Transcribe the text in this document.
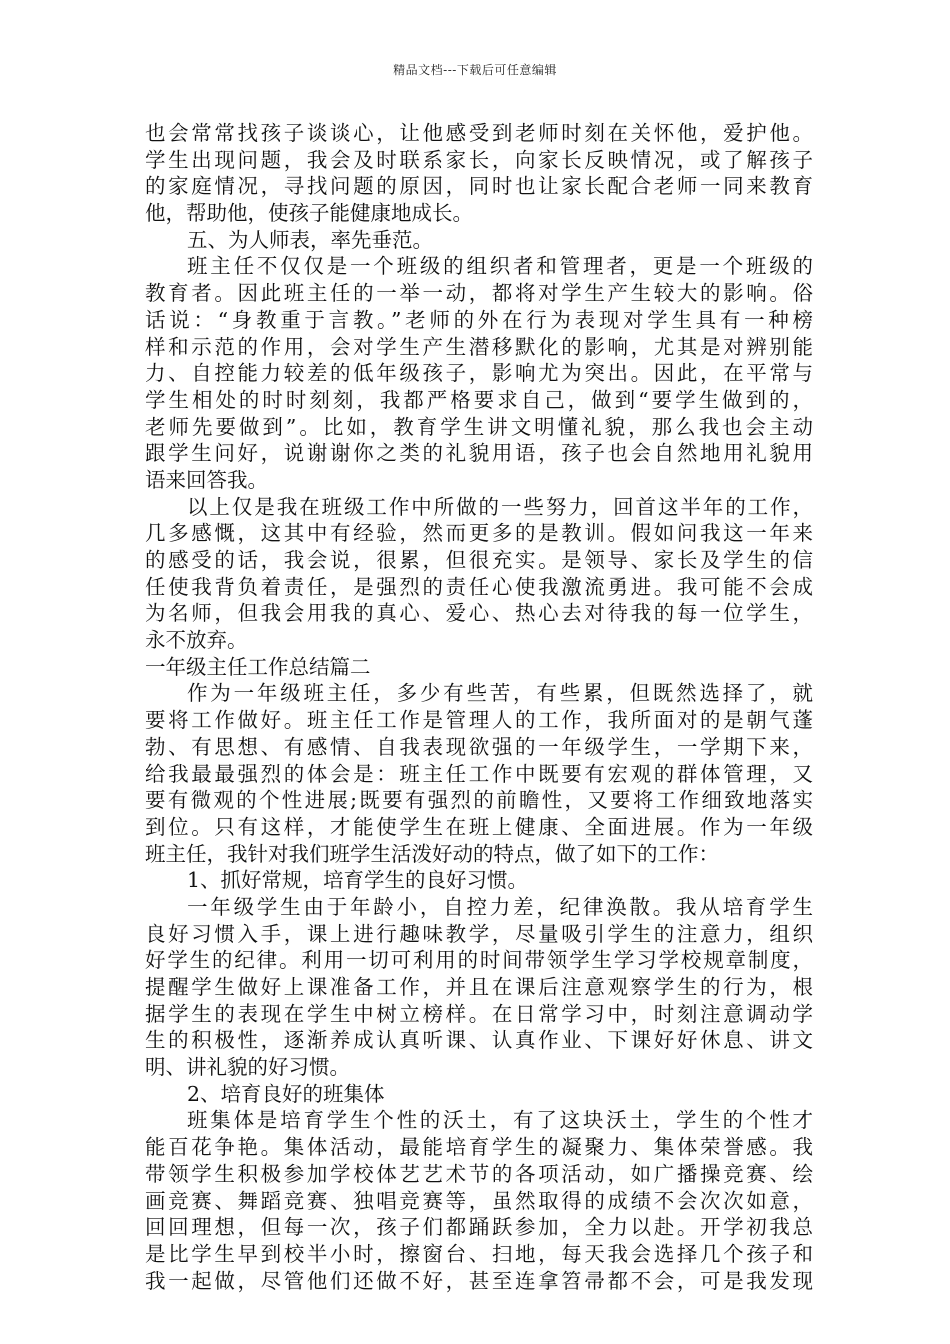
精品文档---下载后可任意编辑
也会常常找孩子谈谈心，让他感受到老师时刻在关怀他，爱护他。
学生出现问题，我会及时联系家长，向家长反映情况，或了解孩子
的家庭情况，寻找问题的原因，同时也让家长配合老师一同来教育
他，帮助他，使孩子能健康地成长。
五、为人师表，率先垂范。
班主任不仅仅是一个班级的组织者和管理者，更是一个班级的
教育者。因此班主任的一举一动，都将对学生产生较大的影响。俗
话说：“身教重于言教。”老师的外在行为表现对学生具有一种榜
样和示范的作用，会对学生产生潜移默化的影响，尤其是对辨别能
力、自控能力较差的低年级孩子，影响尤为突出。因此，在平常与
学生相处的时时刻刻，我都严格要求自己，做到“要学生做到的，
老师先要做到”。比如，教育学生讲文明懂礼貌，那么我也会主动
跟学生问好，说谢谢你之类的礼貌用语，孩子也会自然地用礼貌用
语来回答我。
以上仅是我在班级工作中所做的一些努力，回首这半年的工作，
几多感慨，这其中有经验，然而更多的是教训。假如问我这一年来
的感受的话，我会说，很累，但很充实。是领导、家长及学生的信
任使我背负着责任，是强烈的责任心使我激流勇进。我可能不会成
为名师，但我会用我的真心、爱心、热心去对待我的每一位学生，
永不放弃。
一年级主任工作总结篇二
作为一年级班主任，多少有些苦，有些累，但既然选择了，就
要将工作做好。班主任工作是管理人的工作，我所面对的是朝气蓬
勃、有思想、有感情、自我表现欲强的一年级学生，一学期下来，
给我最最强烈的体会是：班主任工作中既要有宏观的群体管理，又
要有微观的个性进展;既要有强烈的前瞻性，又要将工作细致地落实
到位。只有这样，才能使学生在班上健康、全面进展。作为一年级
班主任，我针对我们班学生活泼好动的特点，做了如下的工作：
1、抓好常规，培育学生的良好习惯。
一年级学生由于年龄小，自控力差，纪律涣散。我从培育学生
良好习惯入手，课上进行趣味教学，尽量吸引学生的注意力，组织
好学生的纪律。利用一切可利用的时间带领学生学习学校规章制度，
提醒学生做好上课准备工作，并且在课后注意观察学生的行为，根
据学生的表现在学生中树立榜样。在日常学习中，时刻注意调动学
生的积极性，逐渐养成认真听课、认真作业、下课好好休息、讲文
明、讲礼貌的好习惯。
2、培育良好的班集体
班集体是培育学生个性的沃土，有了这块沃土，学生的个性才
能百花争艳。集体活动，最能培育学生的凝聚力、集体荣誉感。我
带领学生积极参加学校体艺艺术节的各项活动，如广播操竞赛、绘
画竞赛、舞蹈竞赛、独唱竞赛等，虽然取得的成绩不会次次如意，
回回理想，但每一次，孩子们都踊跃参加，全力以赴。开学初我总
是比学生早到校半小时，擦窗台、扫地，每天我会选择几个孩子和
我一起做，尽管他们还做不好，甚至连拿笤帚都不会，可是我发现
